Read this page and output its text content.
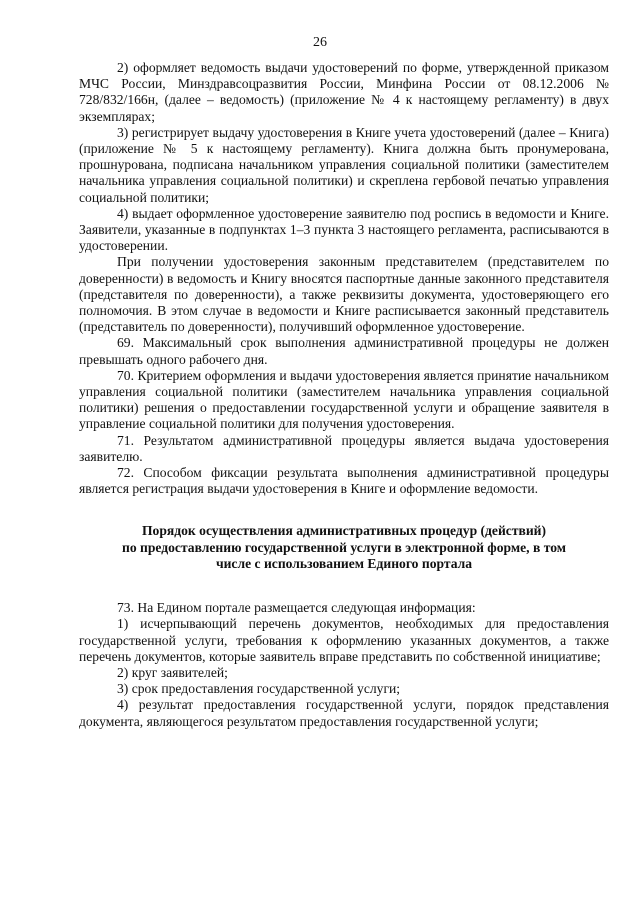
26

2) оформляет ведомость выдачи удостоверений по форме, утвержденной приказом МЧС России, Минздравсоцразвития России, Минфина России от 08.12.2006 № 728/832/166н, (далее – ведомость) (приложение № 4 к настоящему регламенту) в двух экземплярах;

3) регистрирует выдачу удостоверения в Книге учета удостоверений (далее – Книга) (приложение № 5 к настоящему регламенту). Книга должна быть пронумерована, прошнурована, подписана начальником управления социальной политики (заместителем начальника управления социальной политики) и скреплена гербовой печатью управления социальной политики;

4) выдает оформленное удостоверение заявителю под роспись в ведомости и Книге. Заявители, указанные в подпунктах 1–3 пункта 3 настоящего регламента, расписываются в удостоверении.

При получении удостоверения законным представителем (представителем по доверенности) в ведомость и Книгу вносятся паспортные данные законного представителя (представителя по доверенности), а также реквизиты документа, удостоверяющего его полномочия. В этом случае в ведомости и Книге расписывается законный представитель (представитель по доверенности), получивший оформленное удостоверение.

69. Максимальный срок выполнения административной процедуры не должен превышать одного рабочего дня.

70. Критерием оформления и выдачи удостоверения является принятие начальником управления социальной политики (заместителем начальника управления социальной политики) решения о предоставлении государственной услуги и обращение заявителя в управление социальной политики для получения удостоверения.

71. Результатом административной процедуры является выдача удостоверения заявителю.

72. Способом фиксации результата выполнения административной процедуры является регистрация выдачи удостоверения в Книге и оформление ведомости.

Порядок осуществления административных процедур (действий)
по предоставлению государственной услуги в электронной форме, в том
числе с использованием Единого портала

73. На Едином портале размещается следующая информация:

1) исчерпывающий перечень документов, необходимых для предоставления государственной услуги, требования к оформлению указанных документов, а также перечень документов, которые заявитель вправе представить по собственной инициативе;

2) круг заявителей;

3) срок предоставления государственной услуги;

4) результат предоставления государственной услуги, порядок представления документа, являющегося результатом предоставления государственной услуги;
